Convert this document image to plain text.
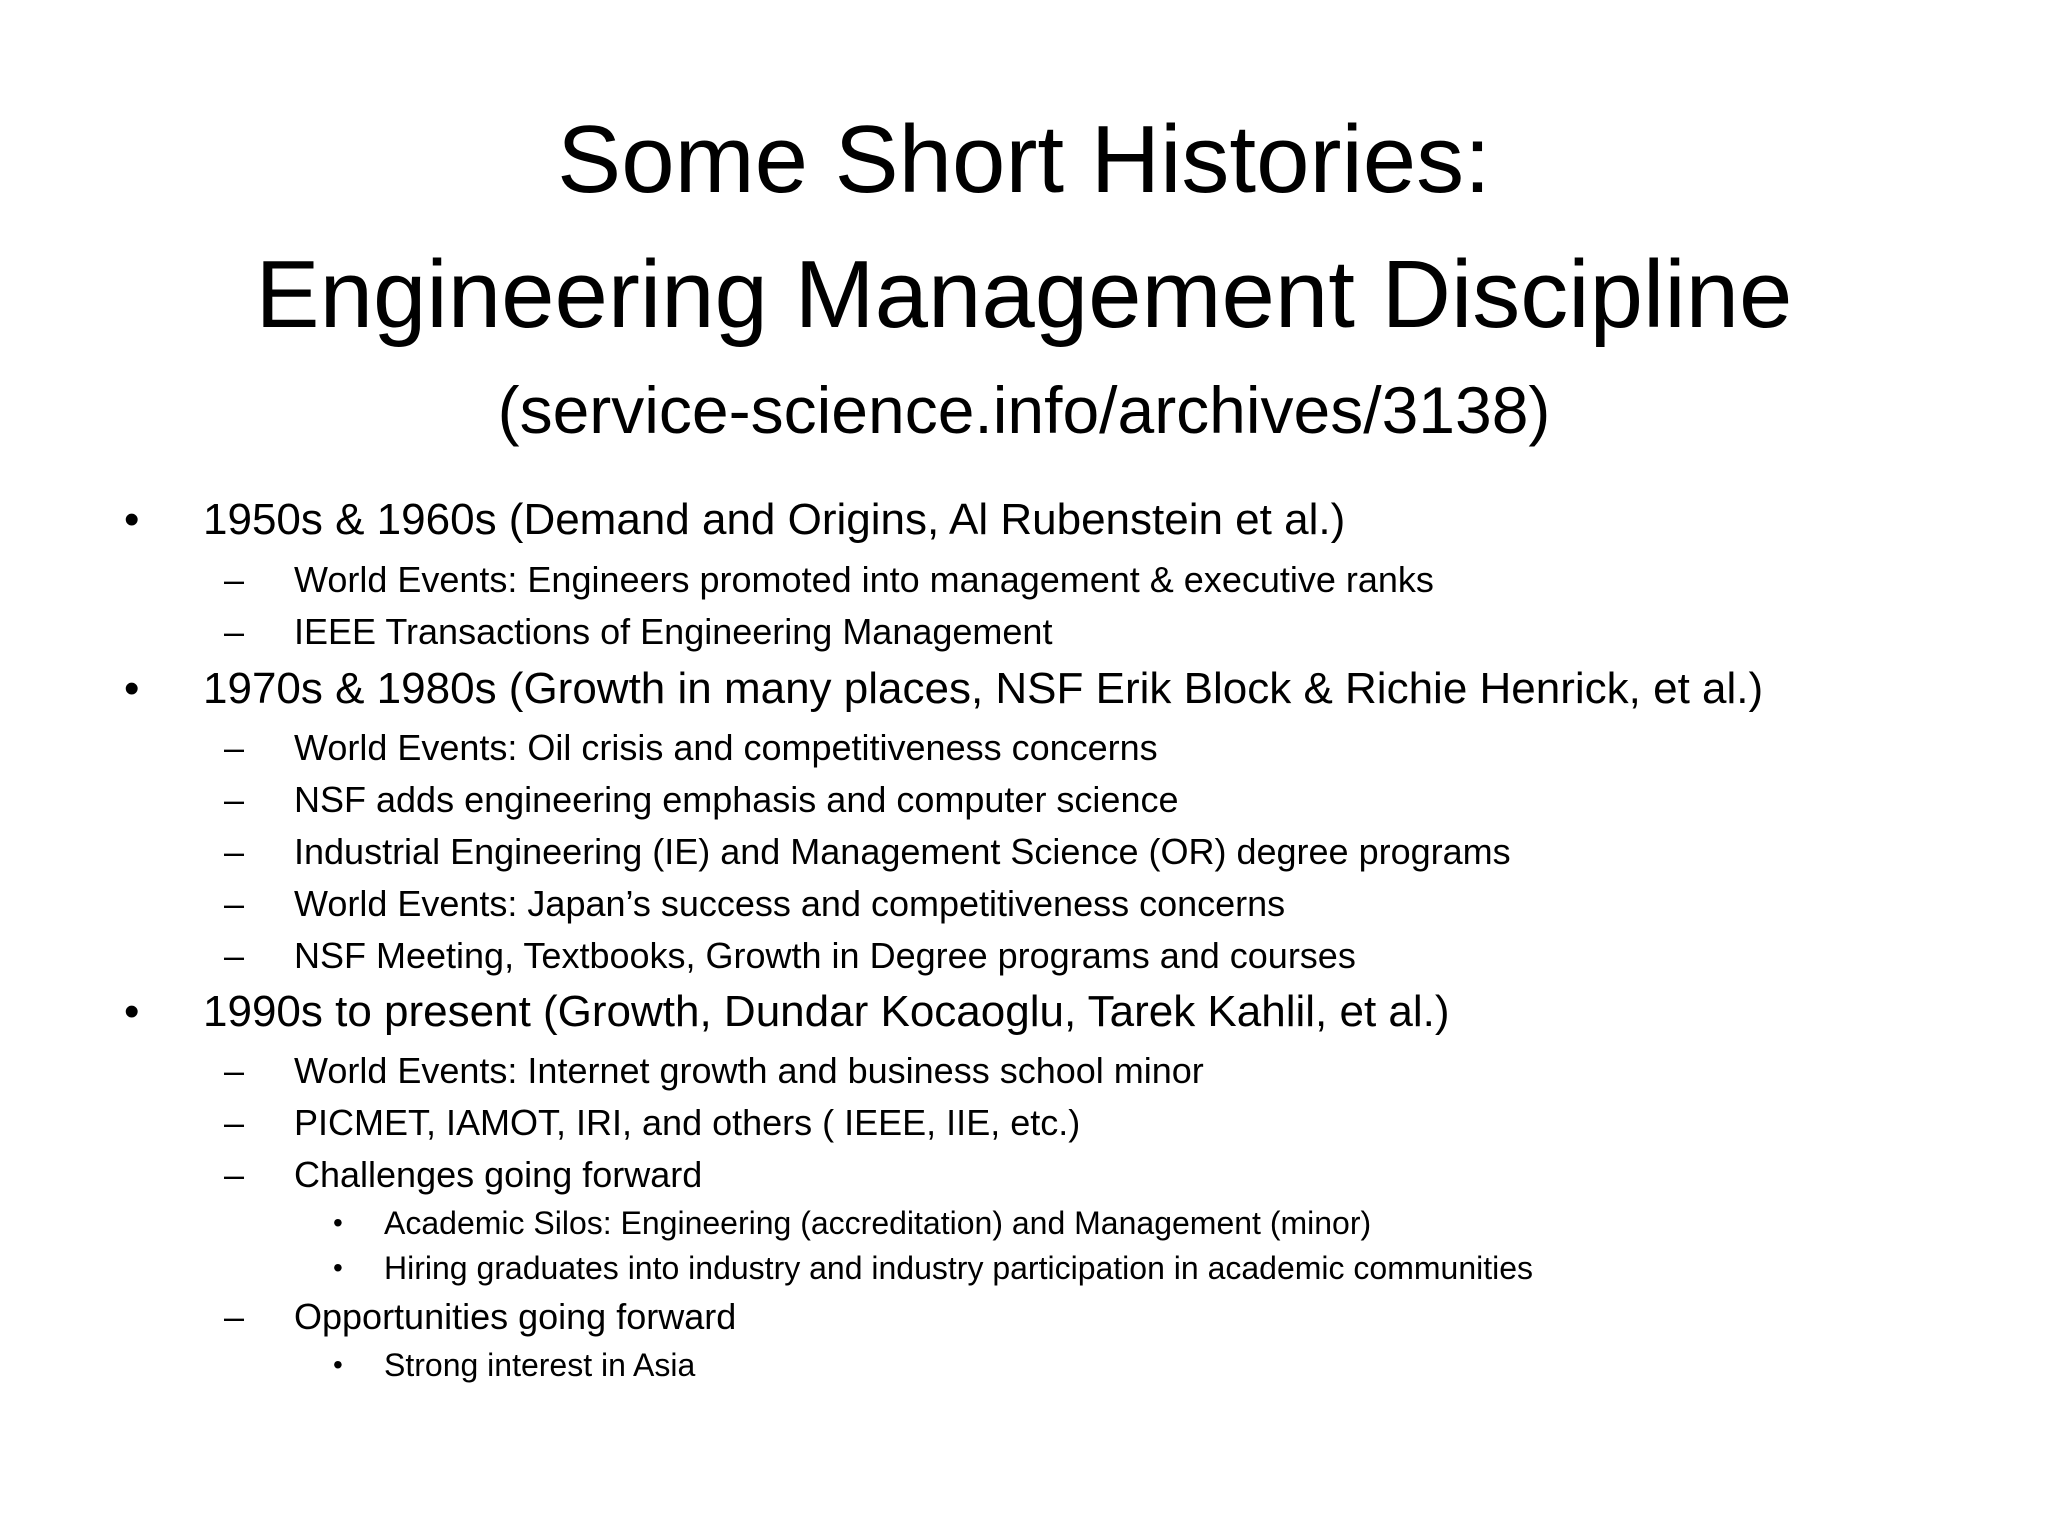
Some Short Histories:
Engineering Management Discipline
(service-science.info/archives/3138)
• 1950s & 1960s (Demand and Origins, Al Rubenstein et al.)
– World Events: Engineers promoted into management & executive ranks
– IEEE Transactions of Engineering Management
• 1970s & 1980s (Growth in many places, NSF Erik Block & Richie Henrick, et al.)
– World Events: Oil crisis and competitiveness concerns
– NSF adds engineering emphasis and computer science
– Industrial Engineering (IE) and Management Science (OR) degree programs
– World Events: Japan’s success and competitiveness concerns
– NSF Meeting, Textbooks, Growth in Degree programs and courses
• 1990s to present (Growth, Dundar Kocaoglu, Tarek Kahlil, et al.)
– World Events: Internet growth and business school minor
– PICMET, IAMOT, IRI, and others ( IEEE, IIE, etc.)
– Challenges going forward
• Academic Silos: Engineering (accreditation) and Management (minor)
• Hiring graduates into industry and industry participation in academic communities
– Opportunities going forward
• Strong interest in Asia
